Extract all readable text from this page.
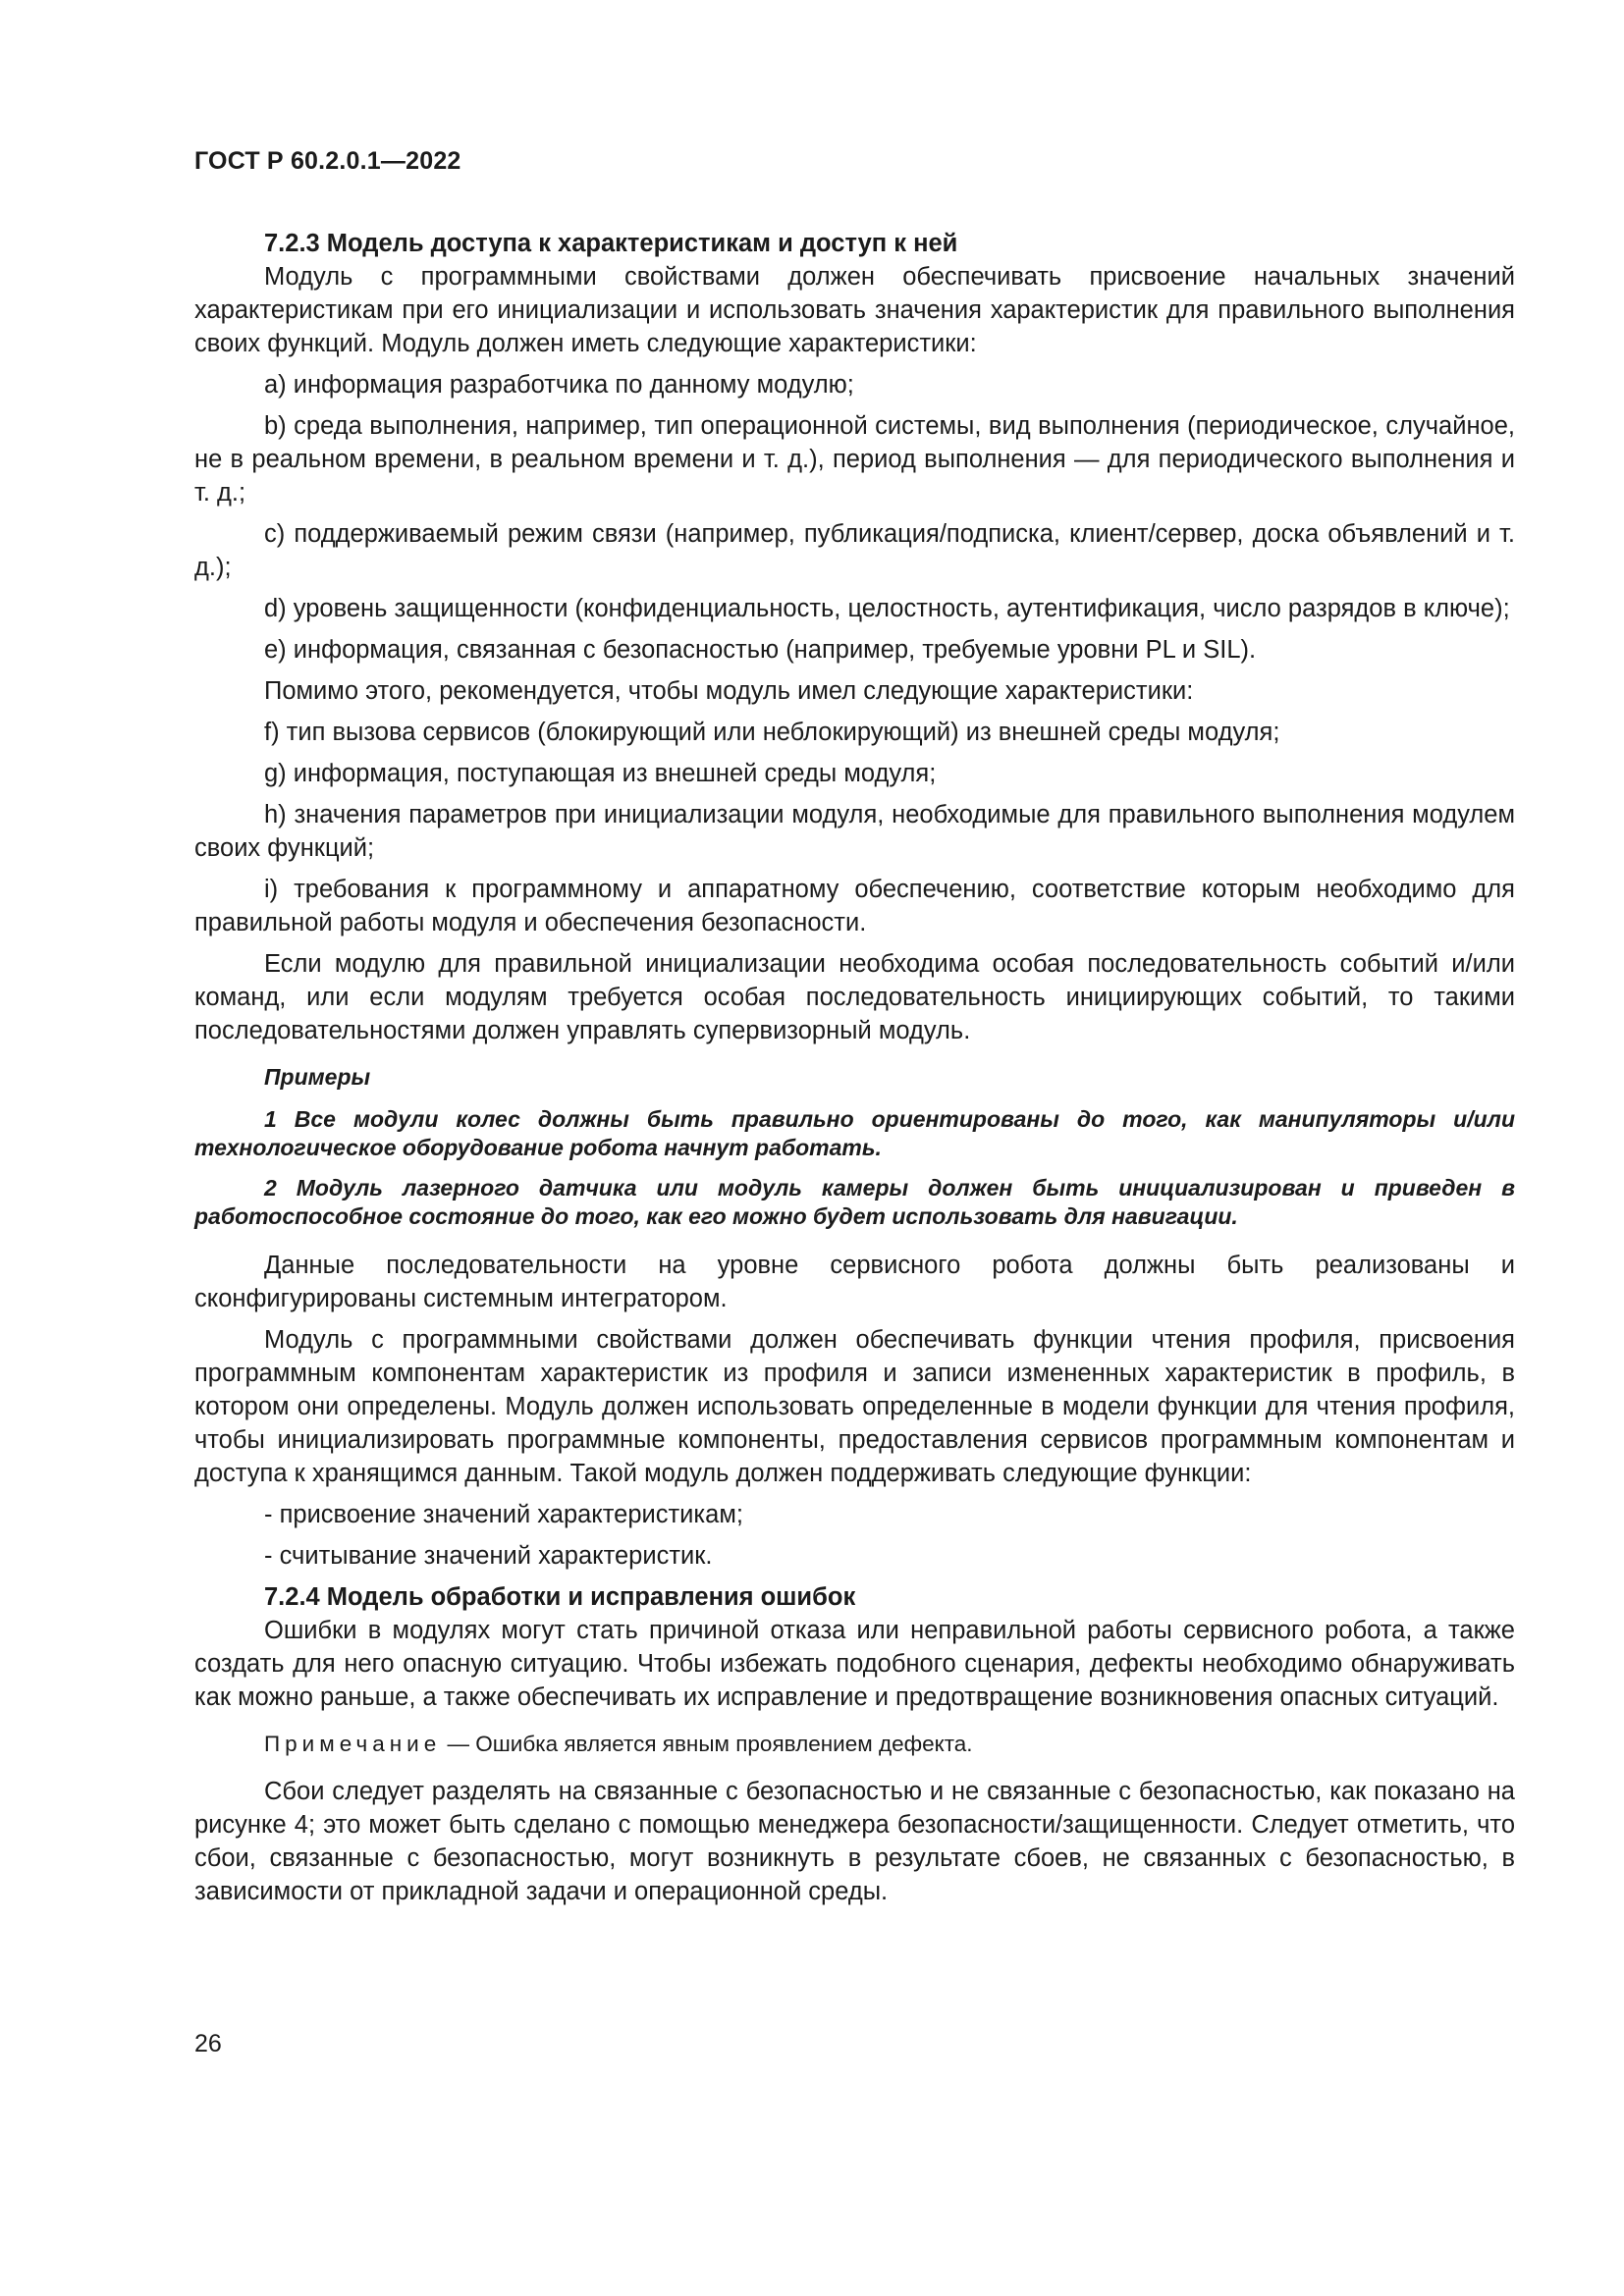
ГОСТ Р 60.2.0.1—2022
7.2.3 Модель доступа к характеристикам и доступ к ней

Модуль с программными свойствами должен обеспечивать присвоение начальных значений характеристикам при его инициализации и использовать значения характеристик для правильного выполнения своих функций. Модуль должен иметь следующие характеристики:

a) информация разработчика по данному модулю;

b) среда выполнения, например, тип операционной системы, вид выполнения (периодическое, случайное, не в реальном времени, в реальном времени и т. д.), период выполнения — для периодического выполнения и т. д.;

c) поддерживаемый режим связи (например, публикация/подписка, клиент/сервер, доска объявлений и т. д.);

d) уровень защищенности (конфиденциальность, целостность, аутентификация, число разрядов в ключе);

e) информация, связанная с безопасностью (например, требуемые уровни PL и SIL).

Помимо этого, рекомендуется, чтобы модуль имел следующие характеристики:

f) тип вызова сервисов (блокирующий или неблокирующий) из внешней среды модуля;

g) информация, поступающая из внешней среды модуля;

h) значения параметров при инициализации модуля, необходимые для правильного выполнения модулем своих функций;

i) требования к программному и аппаратному обеспечению, соответствие которым необходимо для правильной работы модуля и обеспечения безопасности.

Если модулю для правильной инициализации необходима особая последовательность событий и/или команд, или если модулям требуется особая последовательность инициирующих событий, то такими последовательностями должен управлять супервизорный модуль.

Примеры

1 Все модули колес должны быть правильно ориентированы до того, как манипуляторы и/или технологическое оборудование робота начнут работать.

2 Модуль лазерного датчика или модуль камеры должен быть инициализирован и приведен в работоспособное состояние до того, как его можно будет использовать для навигации.

Данные последовательности на уровне сервисного робота должны быть реализованы и сконфигурированы системным интегратором.

Модуль с программными свойствами должен обеспечивать функции чтения профиля, присвоения программным компонентам характеристик из профиля и записи измененных характеристик в профиль, в котором они определены. Модуль должен использовать определенные в модели функции для чтения профиля, чтобы инициализировать программные компоненты, предоставления сервисов программным компонентам и доступа к хранящимся данным. Такой модуль должен поддерживать следующие функции:

- присвоение значений характеристикам;

- считывание значений характеристик.

7.2.4 Модель обработки и исправления ошибок

Ошибки в модулях могут стать причиной отказа или неправильной работы сервисного робота, а также создать для него опасную ситуацию. Чтобы избежать подобного сценария, дефекты необходимо обнаруживать как можно раньше, а также обеспечивать их исправление и предотвращение возникновения опасных ситуаций.

Примечание — Ошибка является явным проявлением дефекта.

Сбои следует разделять на связанные с безопасностью и не связанные с безопасностью, как показано на рисунке 4; это может быть сделано с помощью менеджера безопасности/защищенности. Следует отметить, что сбои, связанные с безопасностью, могут возникнуть в результате сбоев, не связанных с безопасностью, в зависимости от прикладной задачи и операционной среды.

26
